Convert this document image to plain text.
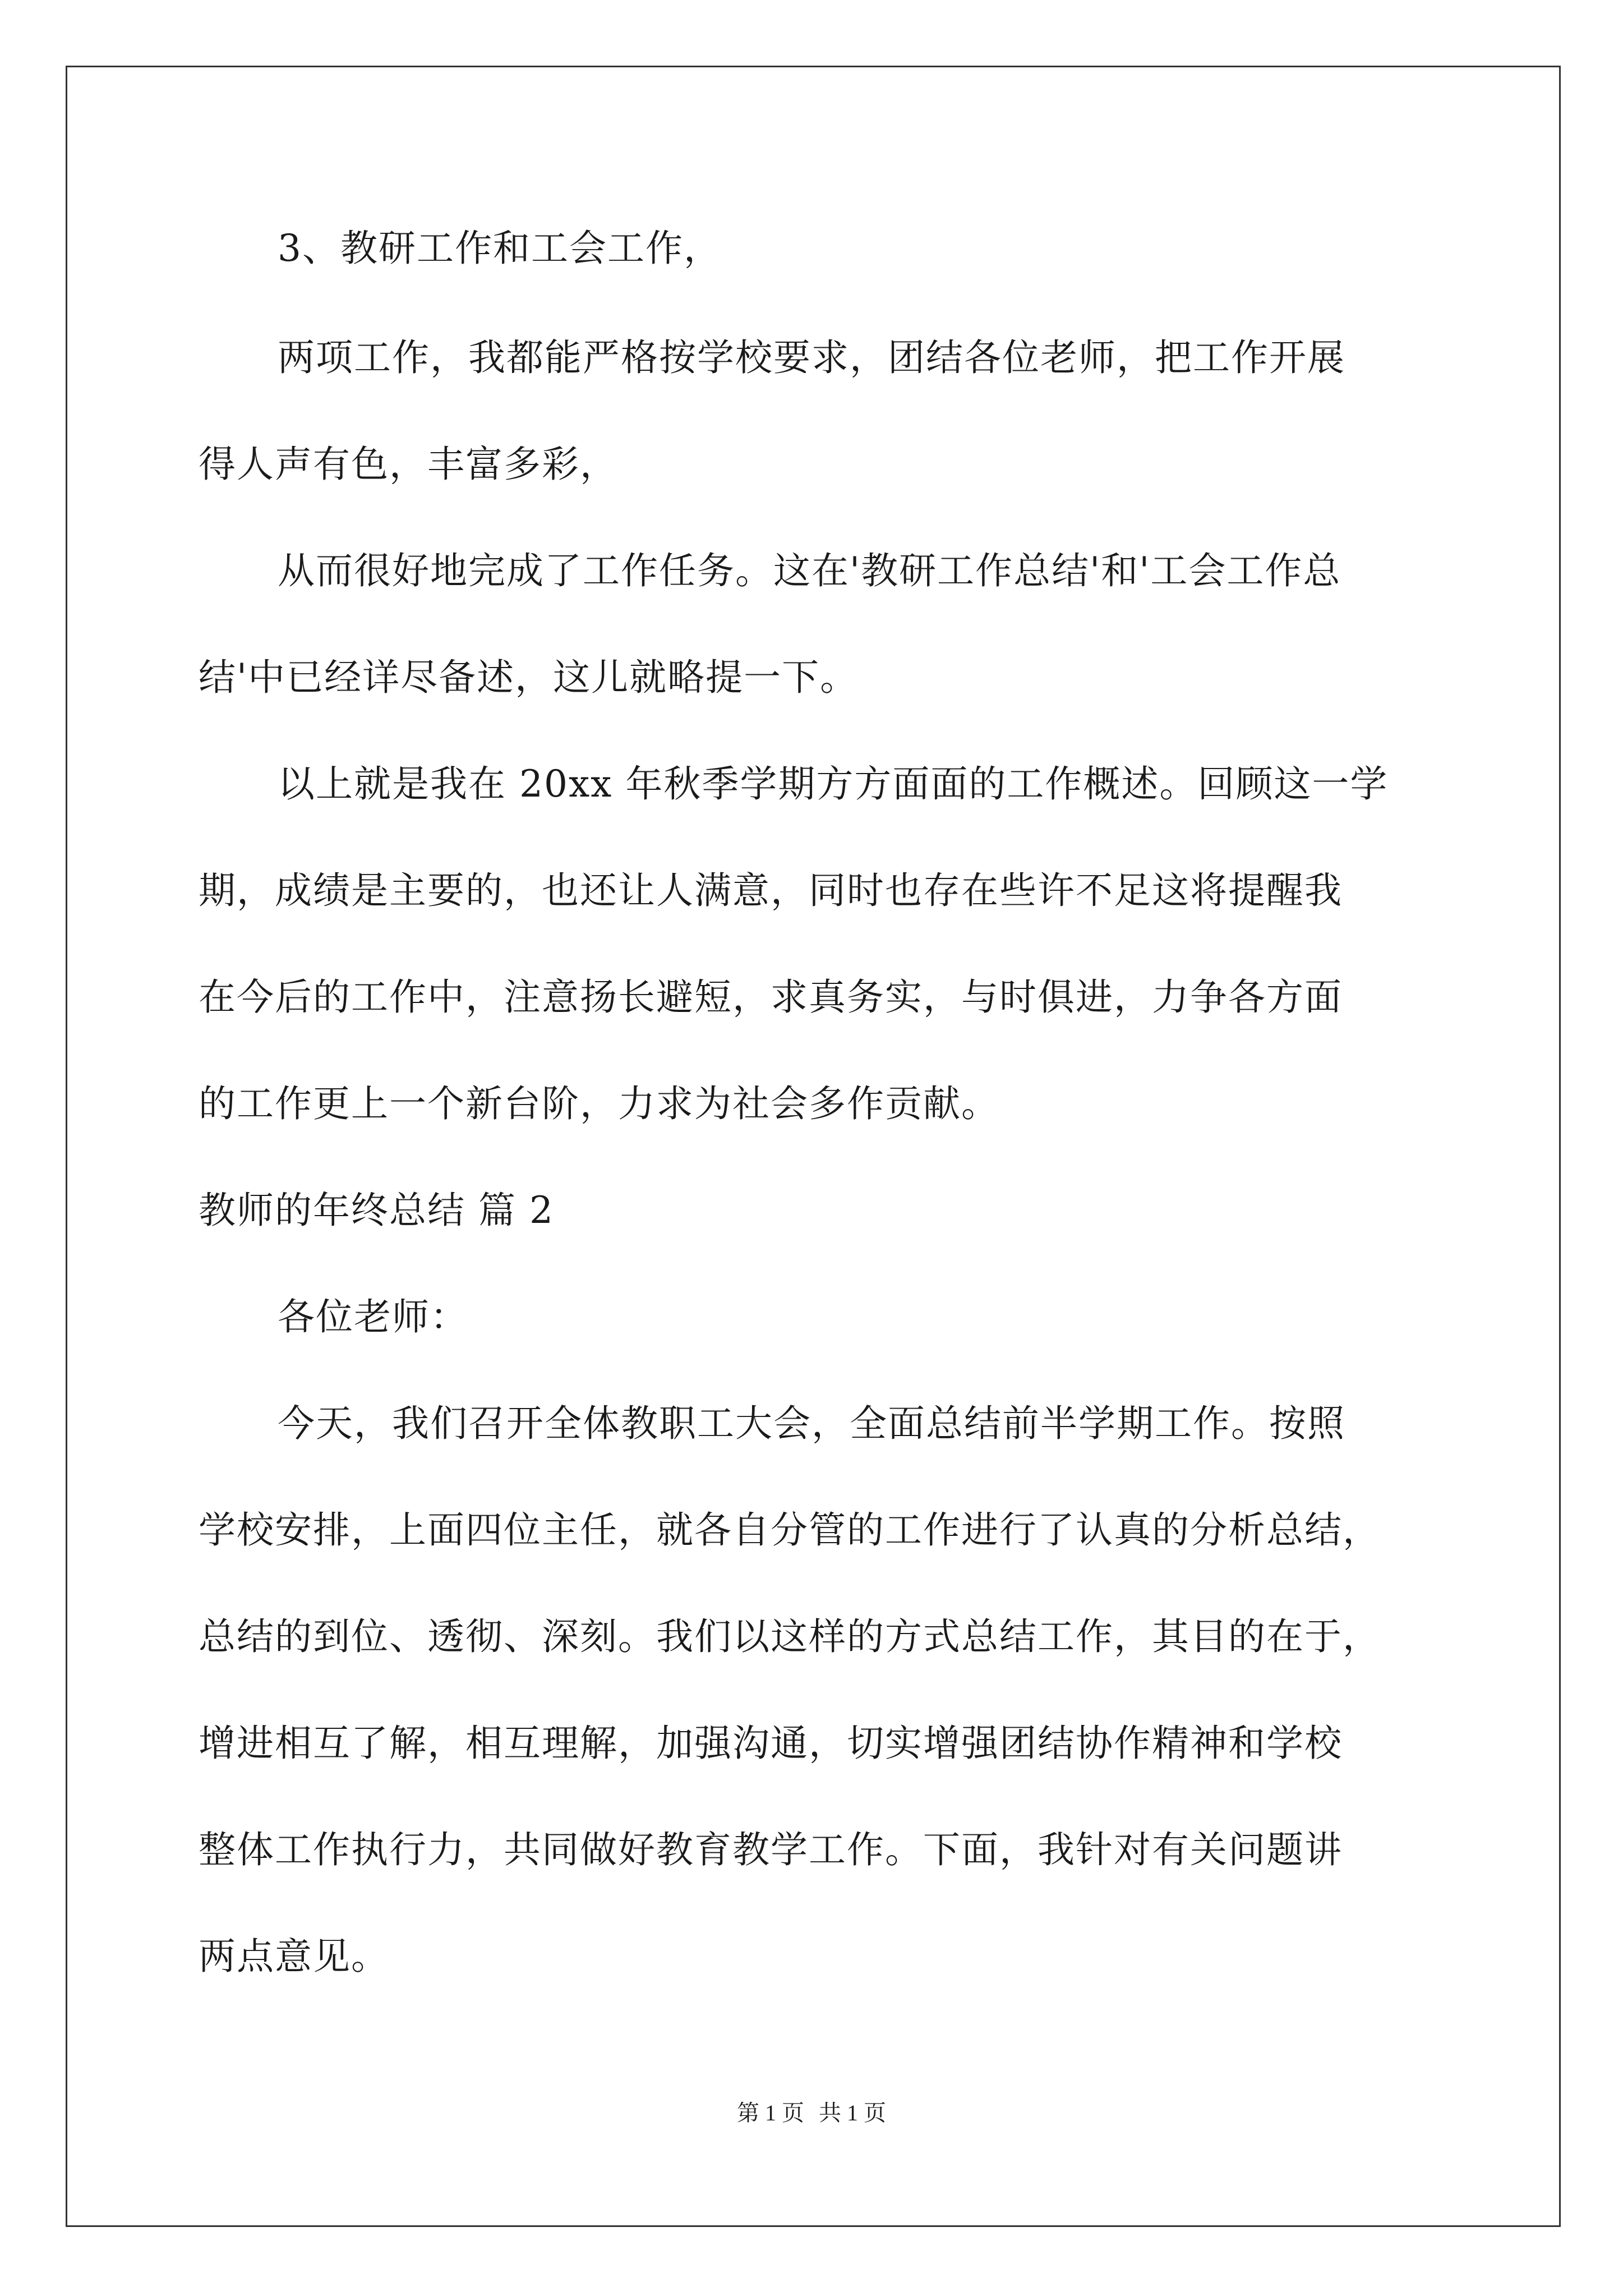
3、教研工作和工会工作，
两项工作，我都能严格按学校要求，团结各位老师，把工作开展
得人声有色，丰富多彩，
从而很好地完成了工作任务。这在'教研工作总结'和'工会工作总
结'中已经详尽备述，这儿就略提一下。
以上就是我在 20xx 年秋季学期方方面面的工作概述。回顾这一学
期，成绩是主要的，也还让人满意，同时也存在些许不足这将提醒我
在今后的工作中，注意扬长避短，求真务实，与时俱进，力争各方面
的工作更上一个新台阶，力求为社会多作贡献。
教师的年终总结 篇 2
各位老师：
今天，我们召开全体教职工大会，全面总结前半学期工作。按照
学校安排，上面四位主任，就各自分管的工作进行了认真的分析总结，
总结的到位、透彻、深刻。我们以这样的方式总结工作，其目的在于，
增进相互了解，相互理解，加强沟通，切实增强团结协作精神和学校
整体工作执行力，共同做好教育教学工作。下面，我针对有关问题讲
两点意见。
第 1 页 共 1 页
